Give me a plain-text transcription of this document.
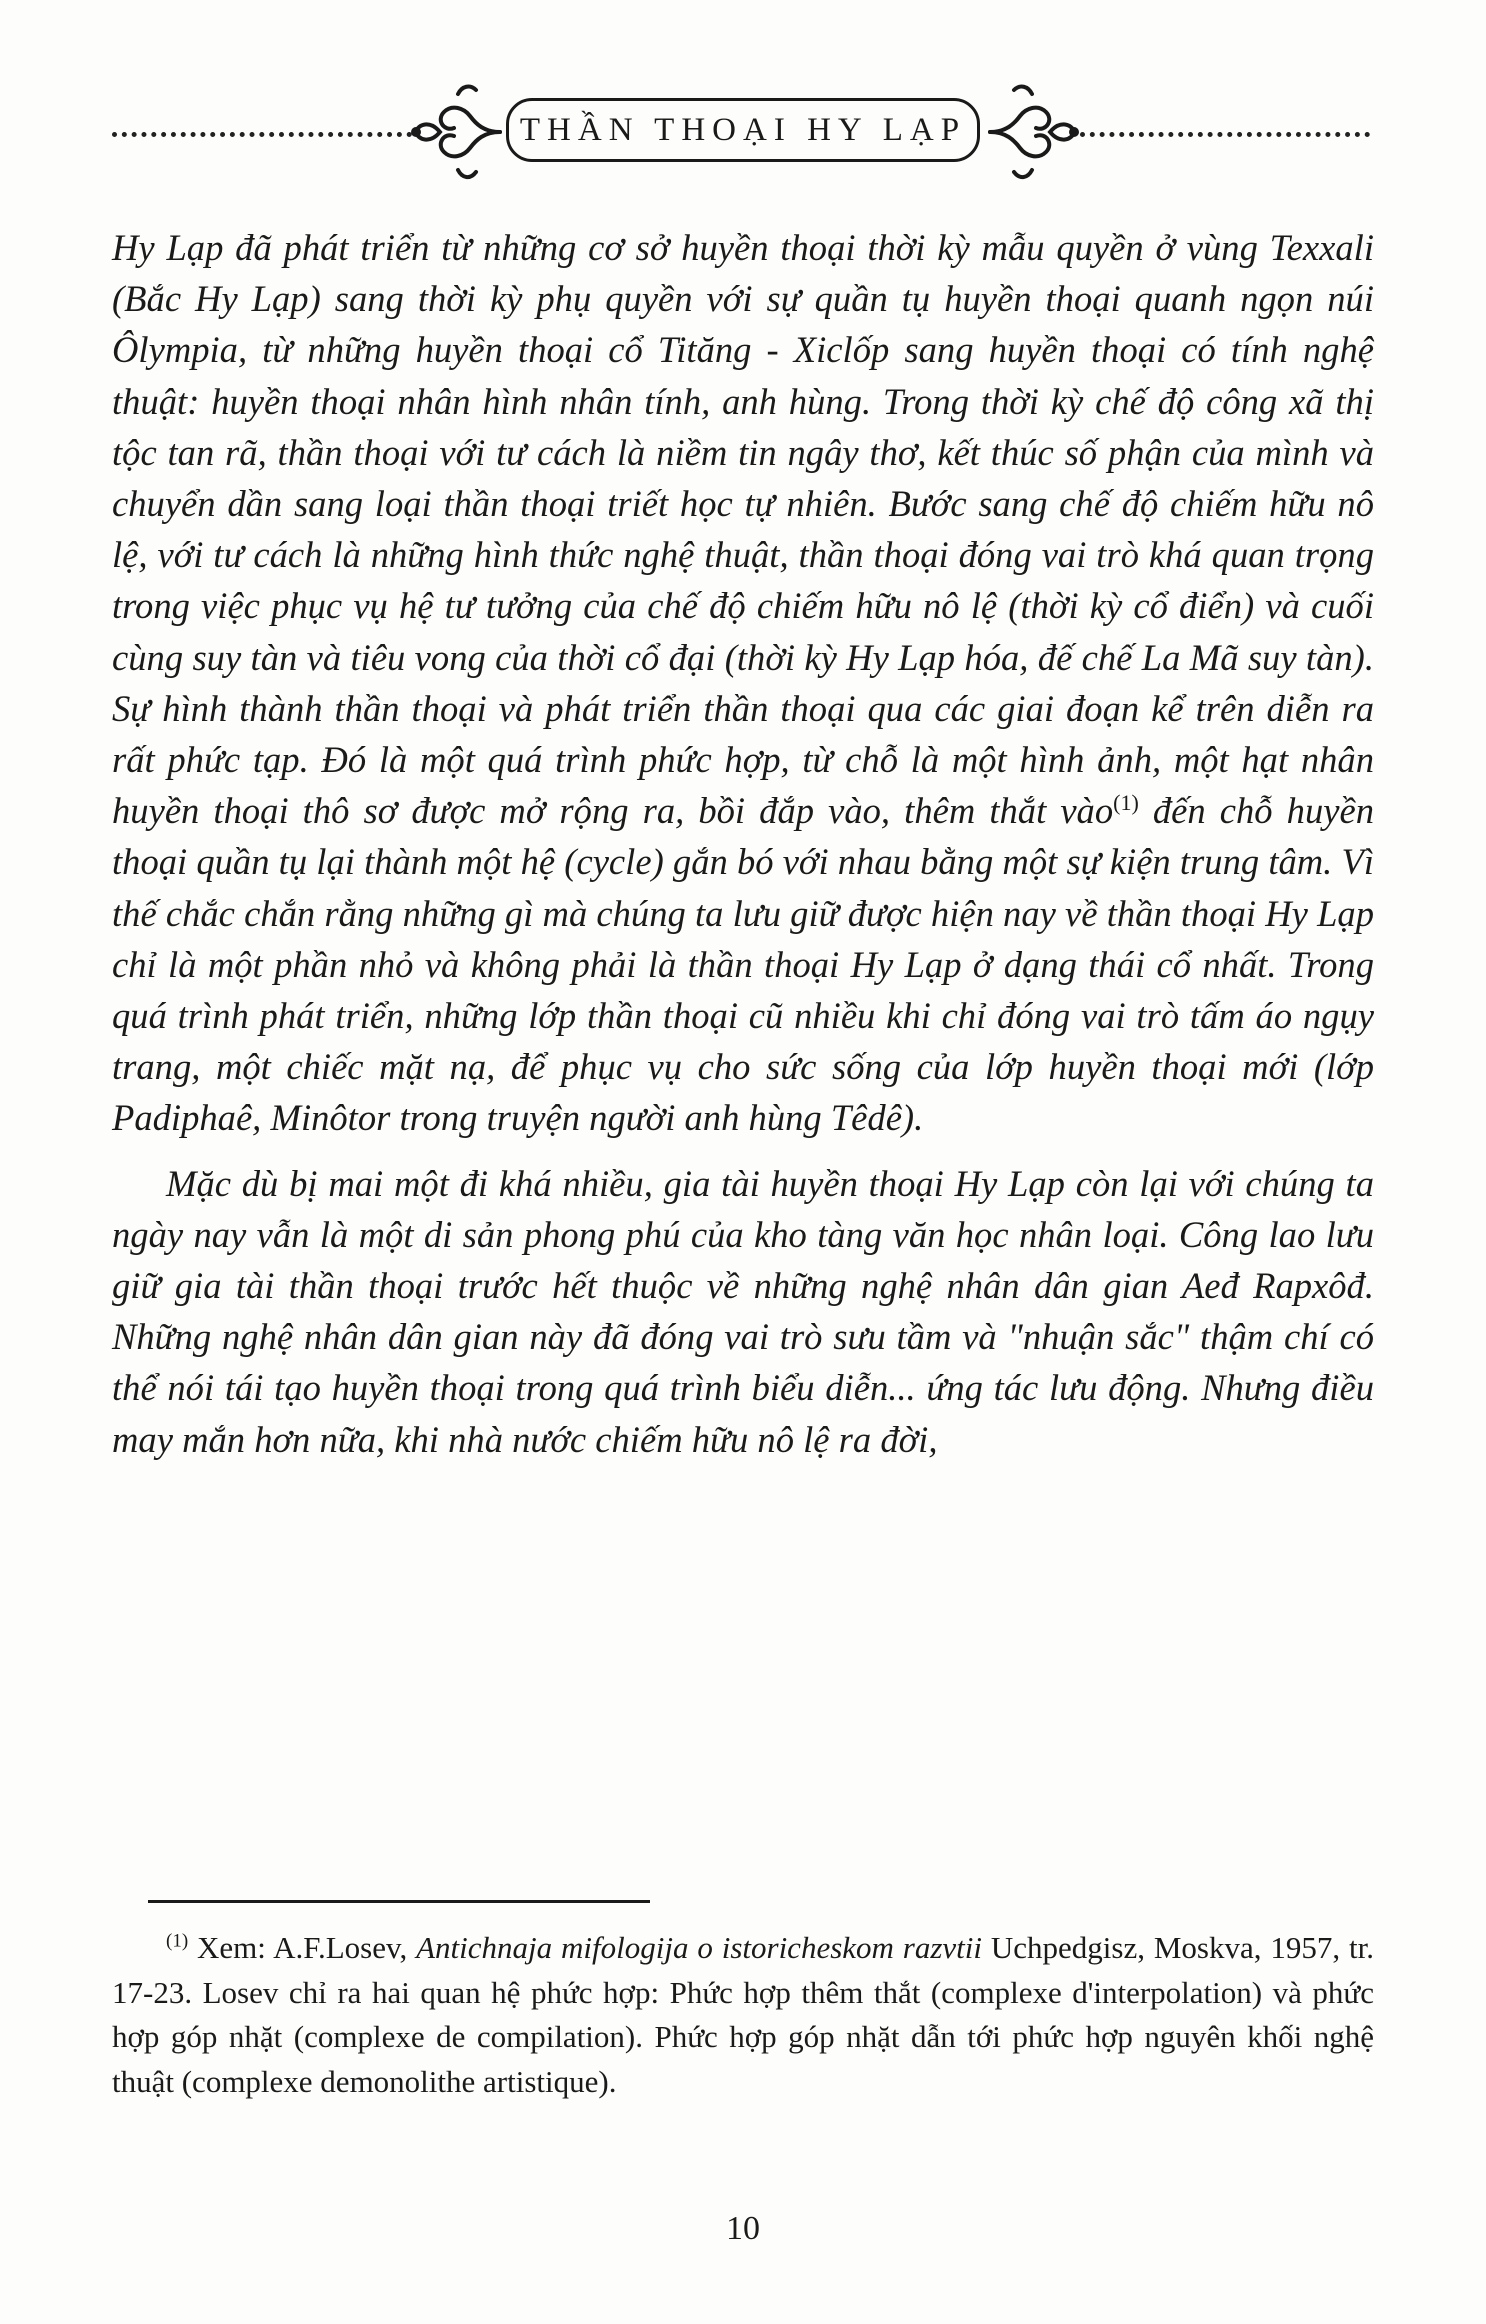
THẦN THOẠI HY LẠP

Hy Lạp đã phát triển từ những cơ sở huyền thoại thời kỳ mẫu quyền ở vùng Texxali (Bắc Hy Lạp) sang thời kỳ phụ quyền với sự quần tụ huyền thoại quanh ngọn núi Ôlympia, từ những huyền thoại cổ Tităng - Xiclốp sang huyền thoại có tính nghệ thuật: huyền thoại nhân hình nhân tính, anh hùng. Trong thời kỳ chế độ công xã thị tộc tan rã, thần thoại với tư cách là niềm tin ngây thơ, kết thúc số phận của mình và chuyển dần sang loại thần thoại triết học tự nhiên. Bước sang chế độ chiếm hữu nô lệ, với tư cách là những hình thức nghệ thuật, thần thoại đóng vai trò khá quan trọng trong việc phục vụ hệ tư tưởng của chế độ chiếm hữu nô lệ (thời kỳ cổ điển) và cuối cùng suy tàn và tiêu vong của thời cổ đại (thời kỳ Hy Lạp hóa, đế chế La Mã suy tàn). Sự hình thành thần thoại và phát triển thần thoại qua các giai đoạn kể trên diễn ra rất phức tạp. Đó là một quá trình phức hợp, từ chỗ là một hình ảnh, một hạt nhân huyền thoại thô sơ được mở rộng ra, bồi đắp vào, thêm thắt vào$^{(1)}$ đến chỗ huyền thoại quần tụ lại thành một hệ (cycle) gắn bó với nhau bằng một sự kiện trung tâm. Vì thế chắc chắn rằng những gì mà chúng ta lưu giữ được hiện nay về thần thoại Hy Lạp chỉ là một phần nhỏ và không phải là thần thoại Hy Lạp ở dạng thái cổ nhất. Trong quá trình phát triển, những lớp thần thoại cũ nhiều khi chỉ đóng vai trò tấm áo ngụy trang, một chiếc mặt nạ, để phục vụ cho sức sống của lớp huyền thoại mới (lớp Padiphaê, Minôtor trong truyện người anh hùng Têdê).

Mặc dù bị mai một đi khá nhiều, gia tài huyền thoại Hy Lạp còn lại với chúng ta ngày nay vẫn là một di sản phong phú của kho tàng văn học nhân loại. Công lao lưu giữ gia tài thần thoại trước hết thuộc về những nghệ nhân dân gian Aeđ Rapxôđ. Những nghệ nhân dân gian này đã đóng vai trò sưu tầm và "nhuận sắc" thậm chí có thể nói tái tạo huyền thoại trong quá trình biểu diễn... ứng tác lưu động. Nhưng điều may mắn hơn nữa, khi nhà nước chiếm hữu nô lệ ra đời,

$^{(1)}$ Xem: A.F.Losev, Antichnaja mifologija o istoricheskom razvtii Uchpedgisz, Moskva, 1957, tr. 17-23. Losev chỉ ra hai quan hệ phức hợp: Phức hợp thêm thắt (complexe d'interpolation) và phức hợp góp nhặt (complexe de compilation). Phức hợp góp nhặt dẫn tới phức hợp nguyên khối nghệ thuật (complexe demonolithe artistique).

10
